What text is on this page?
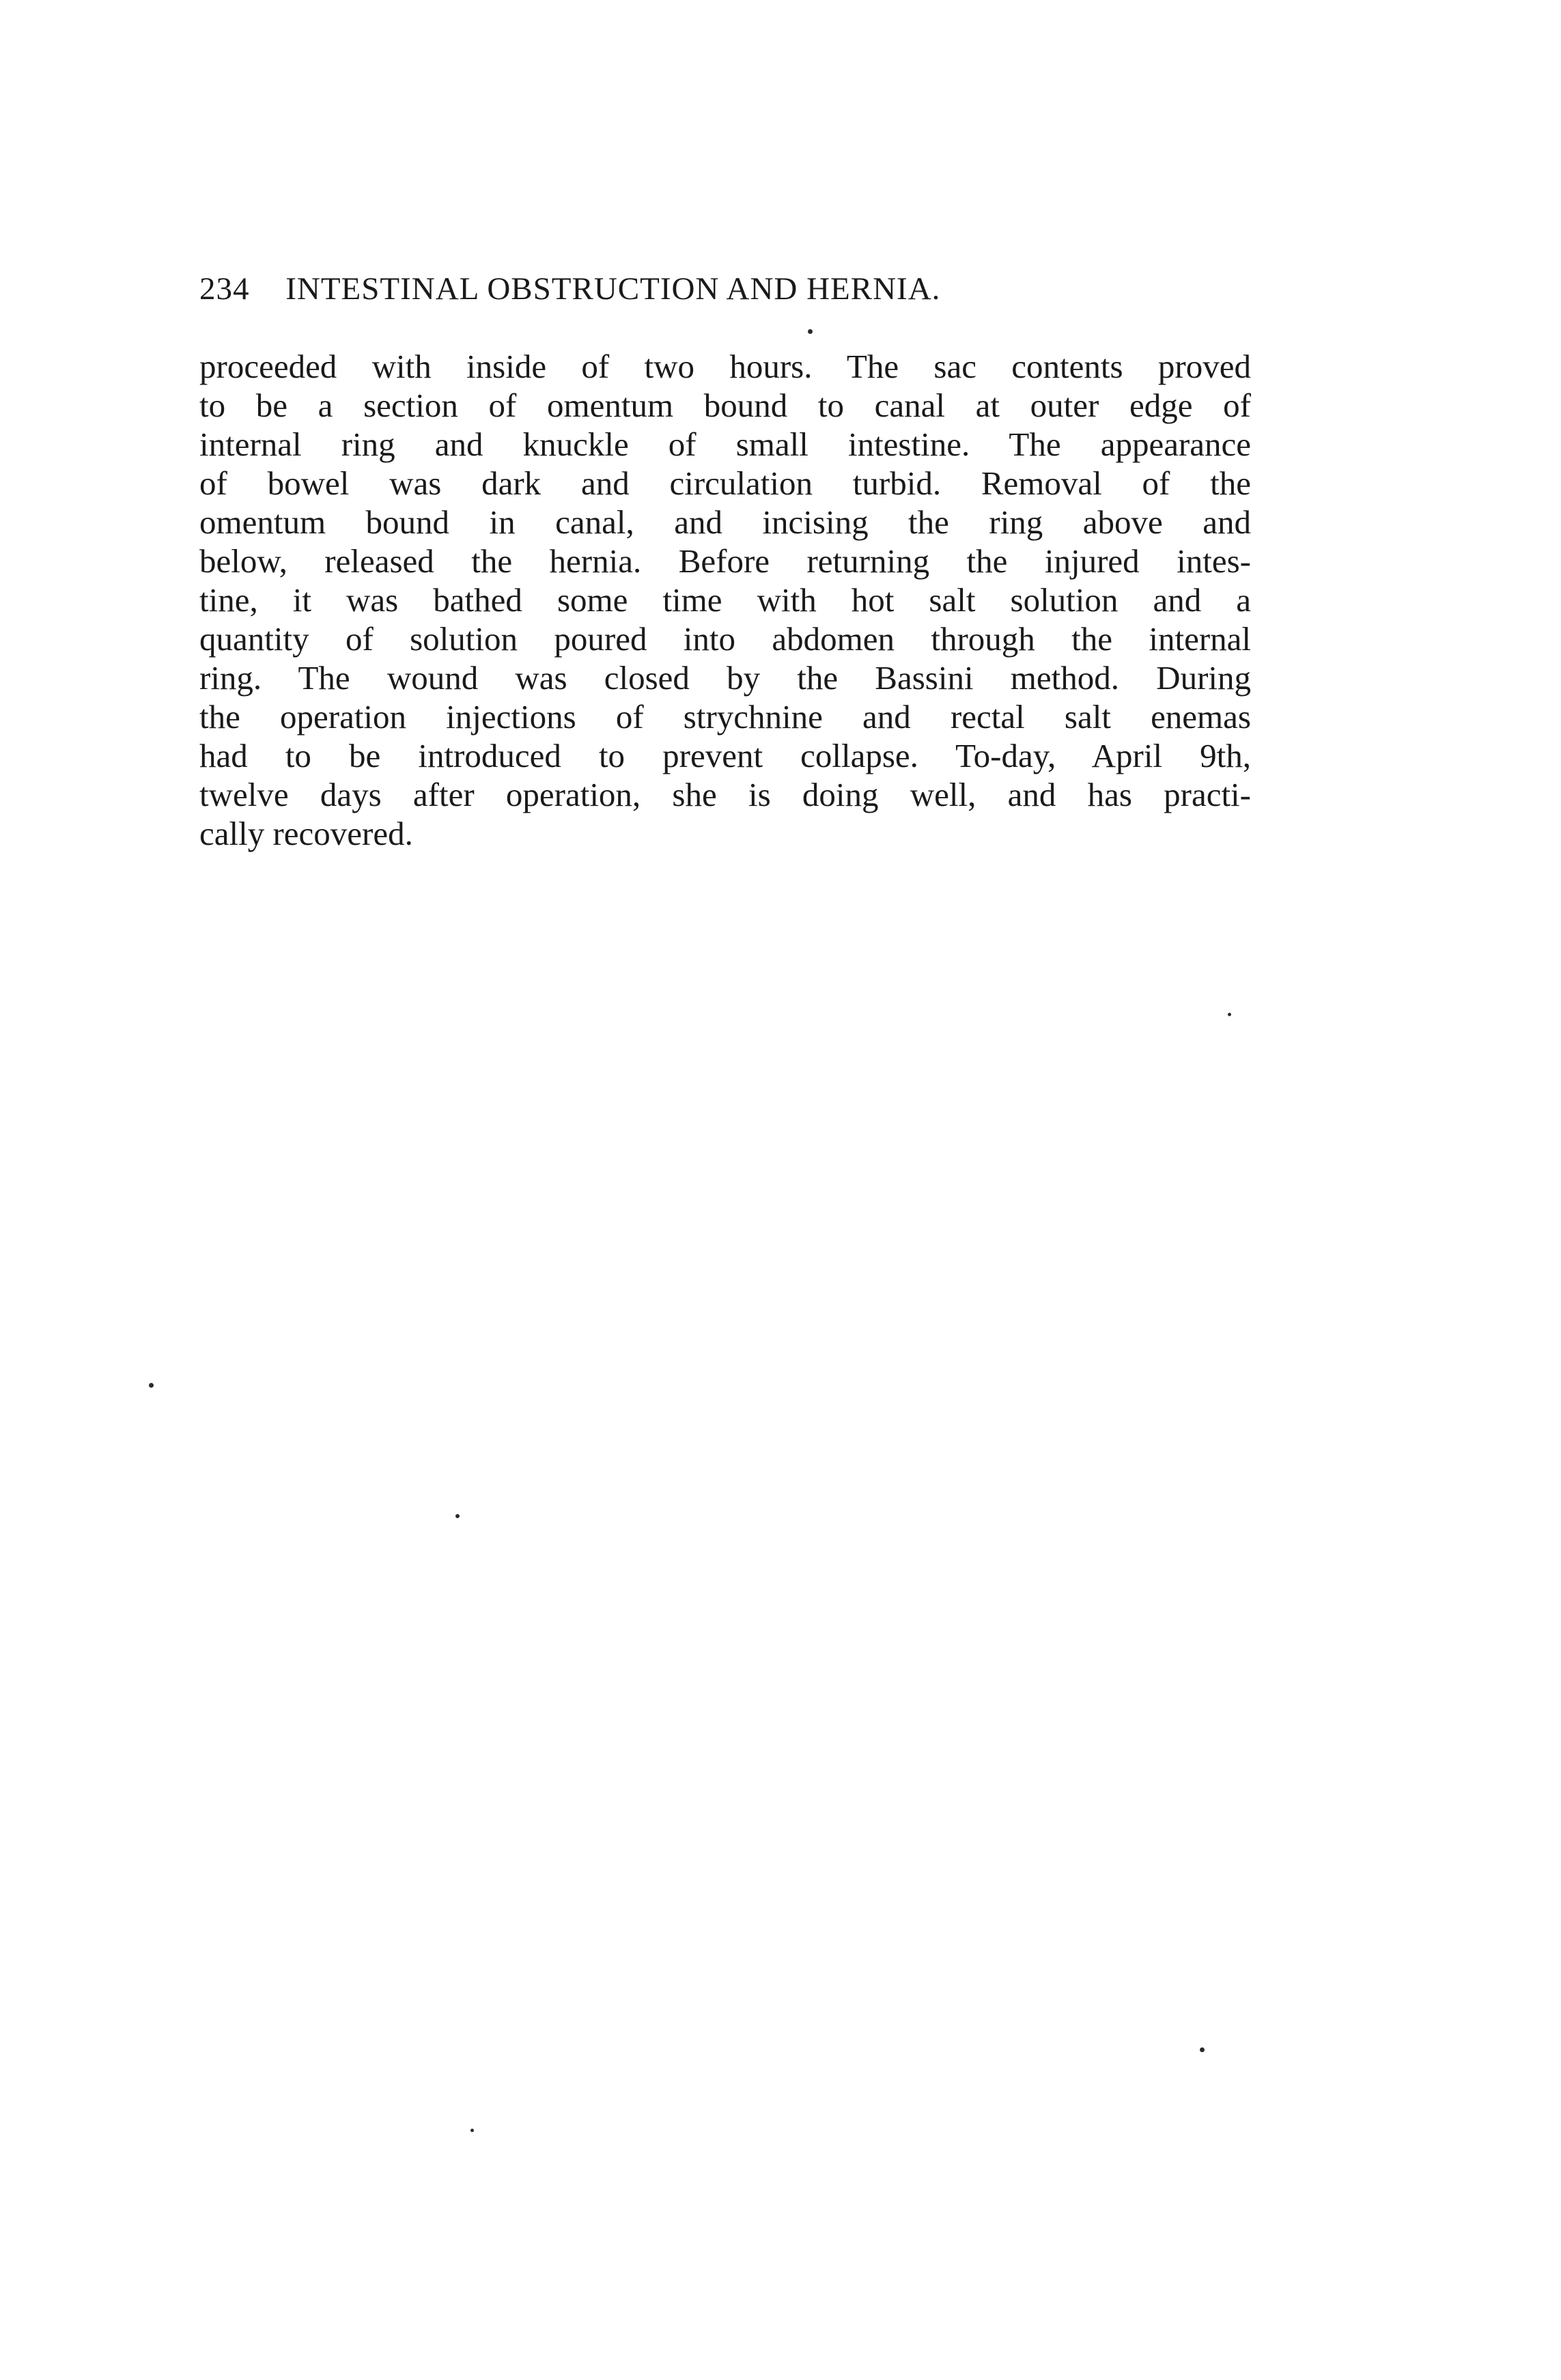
234 INTESTINAL OBSTRUCTION AND HERNIA.
proceeded with inside of two hours. The sac contents proved
to be a section of omentum bound to canal at outer edge of
internal ring and knuckle of small intestine. The appearance
of bowel was dark and circulation turbid. Removal of the
omentum bound in canal, and incising the ring above and
below, released the hernia. Before returning the injured intes-
tine, it was bathed some time with hot salt solution and a
quantity of solution poured into abdomen through the internal
ring. The wound was closed by the Bassini method. During
the operation injections of strychnine and rectal salt enemas
had to be introduced to prevent collapse. To-day, April 9th,
twelve days after operation, she is doing well, and has practi-
cally recovered.
